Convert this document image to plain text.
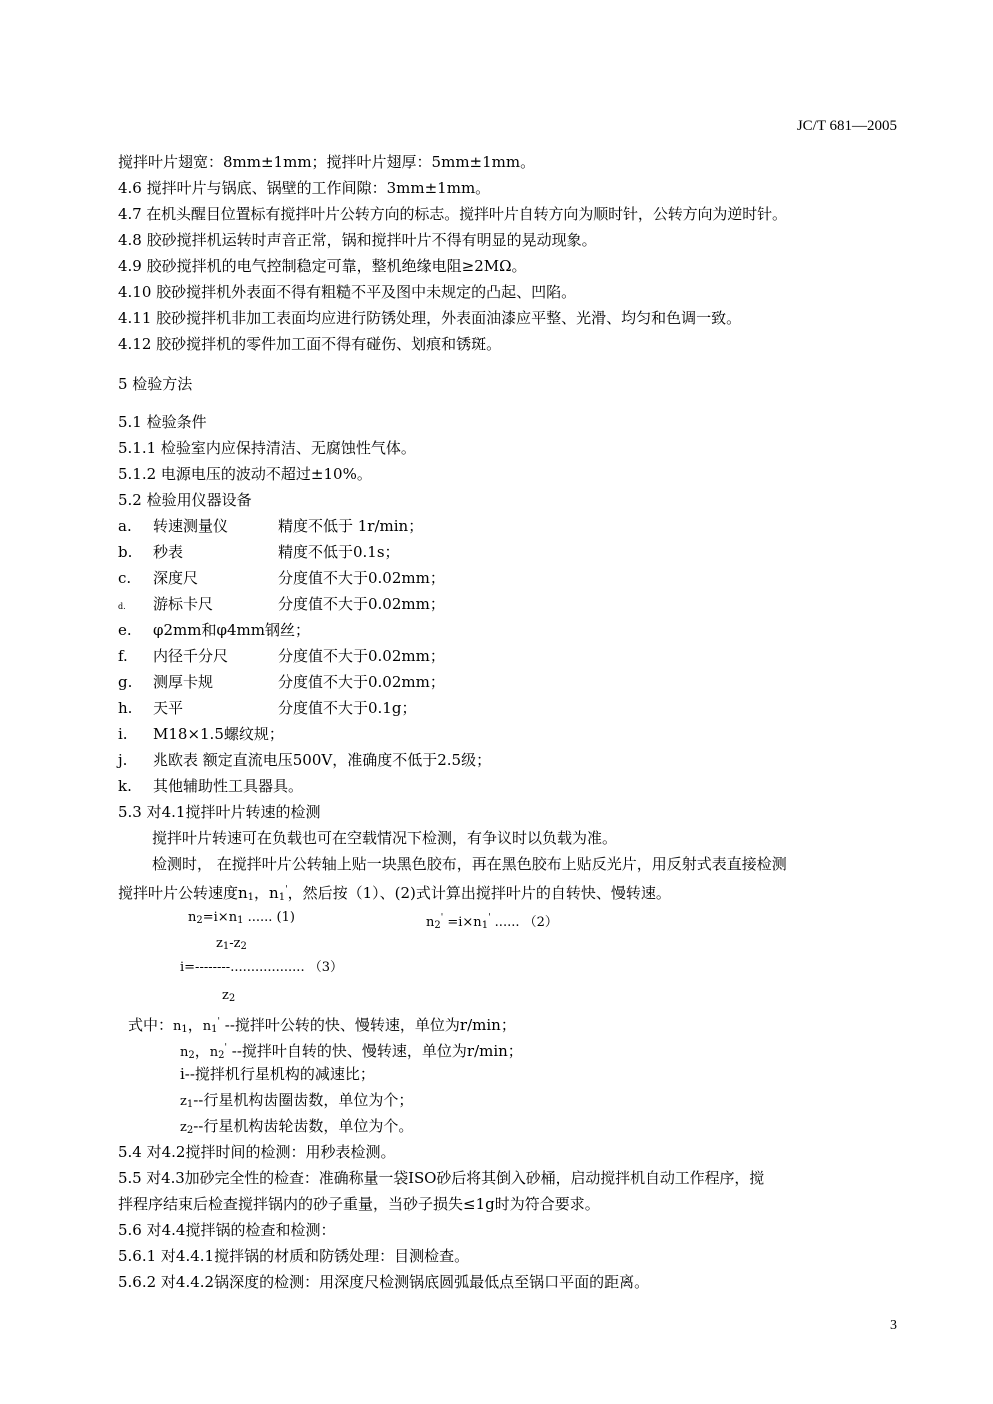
JC/T 681—2005
搅拌叶片翅宽：8mm±1mm；搅拌叶片翅厚：5mm±1mm。
4.6 搅拌叶片与锅底、锅壁的工作间隙：3mm±1mm。
4.7 在机头醒目位置标有搅拌叶片公转方向的标志。搅拌叶片自转方向为顺时针，公转方向为逆时针。
4.8 胶砂搅拌机运转时声音正常，锅和搅拌叶片不得有明显的晃动现象。
4.9 胶砂搅拌机的电气控制稳定可靠，整机绝缘电阻≥2MΩ。
4.10 胶砂搅拌机外表面不得有粗糙不平及图中未规定的凸起、凹陷。
4.11 胶砂搅拌机非加工表面均应进行防锈处理，外表面油漆应平整、光滑、均匀和色调一致。
4.12 胶砂搅拌机的零件加工面不得有碰伤、划痕和锈斑。
5 检验方法
5.1 检验条件
5.1.1 检验室内应保持清洁、无腐蚀性气体。
5.1.2 电源电压的波动不超过±10%。
5.2 检验用仪器设备
a. 转速测量仪	精度不低于 1r/min；
b. 秒表	精度不低于0.1s；
c. 深度尺	分度值不大于0.02mm；
d. 游标卡尺	分度值不大于0.02mm；
e. φ2mm和φ4mm钢丝；
f. 内径千分尺	分度值不大于0.02mm；
g. 测厚卡规	分度值不大于0.02mm；
h. 天平	分度值不大于0.1g；
i. M18×1.5螺纹规；
j. 兆欧表 额定直流电压500V，准确度不低于2.5级；
k. 其他辅助性工具器具。
5.3 对4.1搅拌叶片转速的检测
搅拌叶片转速可在负载也可在空载情况下检测，有争议时以负载为准。
检测时， 在搅拌叶片公转轴上贴一块黑色胶布，再在黑色胶布上贴反光片，用反射式表直接检测
搅拌叶片公转速度$n_1$，$n_1'$，然后按（1）、(2)式计算出搅拌叶片的自转快、慢转速。
$n_2=i\times n_1$ ...... (1)	$n_2' =i\times n_1'$ ...... （2）
$z_1-z_2$
i=--------.................. （3）
$z_2$
式中：$n_1$，$n_1'$ --搅拌叶公转的快、慢转速，单位为r/min；
$n_2$，$n_2'$ --搅拌叶自转的快、慢转速，单位为r/min；
i--搅拌机行星机构的减速比；
$z_1--$行星机构齿圈齿数，单位为个；
$z_2--$行星机构齿轮齿数，单位为个。
5.4 对4.2搅拌时间的检测：用秒表检测。
5.5 对4.3加砂完全性的检查：准确称量一袋ISO砂后将其倒入砂桶，启动搅拌机自动工作程序，搅
拌程序结束后检查搅拌锅内的砂子重量，当砂子损失≤1g时为符合要求。
5.6 对4.4搅拌锅的检查和检测：
5.6.1 对4.4.1搅拌锅的材质和防锈处理：目测检查。
5.6.2 对4.4.2锅深度的检测：用深度尺检测锅底圆弧最低点至锅口平面的距离。
3
